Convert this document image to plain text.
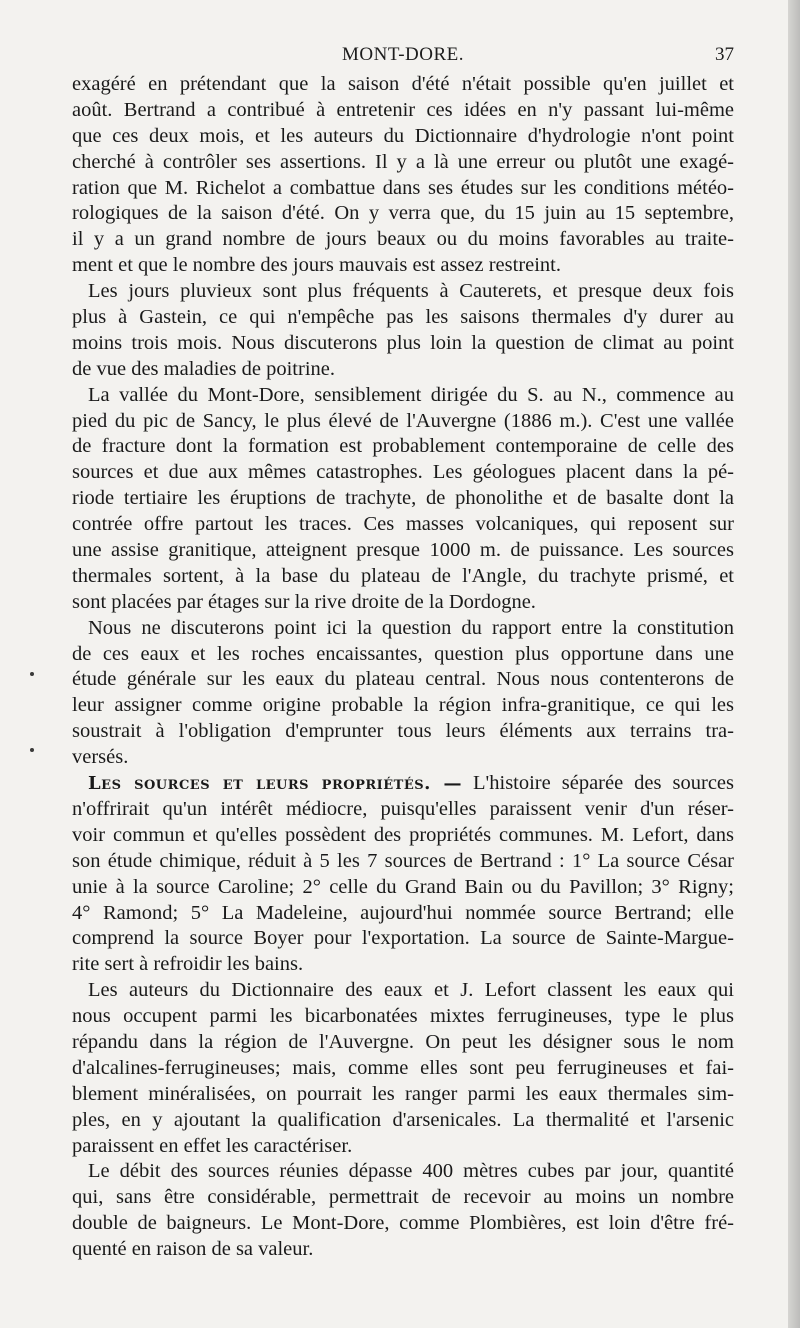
MONT-DORE.	37
exagéré en prétendant que la saison d'été n'était possible qu'en juillet et
août. Bertrand a contribué à entretenir ces idées en n'y passant lui-même
que ces deux mois, et les auteurs du Dictionnaire d'hydrologie n'ont point
cherché à contrôler ses assertions. Il y a là une erreur ou plutôt une exagé-
ration que M. Richelot a combattue dans ses études sur les conditions météo-
rologiques de la saison d'été. On y verra que, du 15 juin au 15 septembre,
il y a un grand nombre de jours beaux ou du moins favorables au traite-
ment et que le nombre des jours mauvais est assez restreint.
Les jours pluvieux sont plus fréquents à Cauterets, et presque deux fois
plus à Gastein, ce qui n'empêche pas les saisons thermales d'y durer au
moins trois mois. Nous discuterons plus loin la question de climat au point
de vue des maladies de poitrine.
La vallée du Mont-Dore, sensiblement dirigée du S. au N., commence au
pied du pic de Sancy, le plus élevé de l'Auvergne (1886 m.). C'est une vallée
de fracture dont la formation est probablement contemporaine de celle des
sources et due aux mêmes catastrophes. Les géologues placent dans la pé-
riode tertiaire les éruptions de trachyte, de phonolithe et de basalte dont la
contrée offre partout les traces. Ces masses volcaniques, qui reposent sur
une assise granitique, atteignent presque 1000 m. de puissance. Les sources
thermales sortent, à la base du plateau de l'Angle, du trachyte prismé, et
sont placées par étages sur la rive droite de la Dordogne.
Nous ne discuterons point ici la question du rapport entre la constitution
de ces eaux et les roches encaissantes, question plus opportune dans une
étude générale sur les eaux du plateau central. Nous nous contenterons de
leur assigner comme origine probable la région infra-granitique, ce qui les
soustrait à l'obligation d'emprunter tous leurs éléments aux terrains tra-
versés.
Les sources et leurs propriétés. — L'histoire séparée des sources
n'offrirait qu'un intérêt médiocre, puisqu'elles paraissent venir d'un réser-
voir commun et qu'elles possèdent des propriétés communes. M. Lefort, dans
son étude chimique, réduit à 5 les 7 sources de Bertrand : 1° La source César
unie à la source Caroline; 2° celle du Grand Bain ou du Pavillon; 3° Rigny;
4° Ramond; 5° La Madeleine, aujourd'hui nommée source Bertrand; elle
comprend la source Boyer pour l'exportation. La source de Sainte-Margue-
rite sert à refroidir les bains.
Les auteurs du Dictionnaire des eaux et J. Lefort classent les eaux qui
nous occupent parmi les bicarbonatées mixtes ferrugineuses, type le plus
répandu dans la région de l'Auvergne. On peut les désigner sous le nom
d'alcalines-ferrugineuses; mais, comme elles sont peu ferrugineuses et fai-
blement minéralisées, on pourrait les ranger parmi les eaux thermales sim-
ples, en y ajoutant la qualification d'arsenicales. La thermalité et l'arsenic
paraissent en effet les caractériser.
Le débit des sources réunies dépasse 400 mètres cubes par jour, quantité
qui, sans être considérable, permettrait de recevoir au moins un nombre
double de baigneurs. Le Mont-Dore, comme Plombières, est loin d'être fré-
quenté en raison de sa valeur.
